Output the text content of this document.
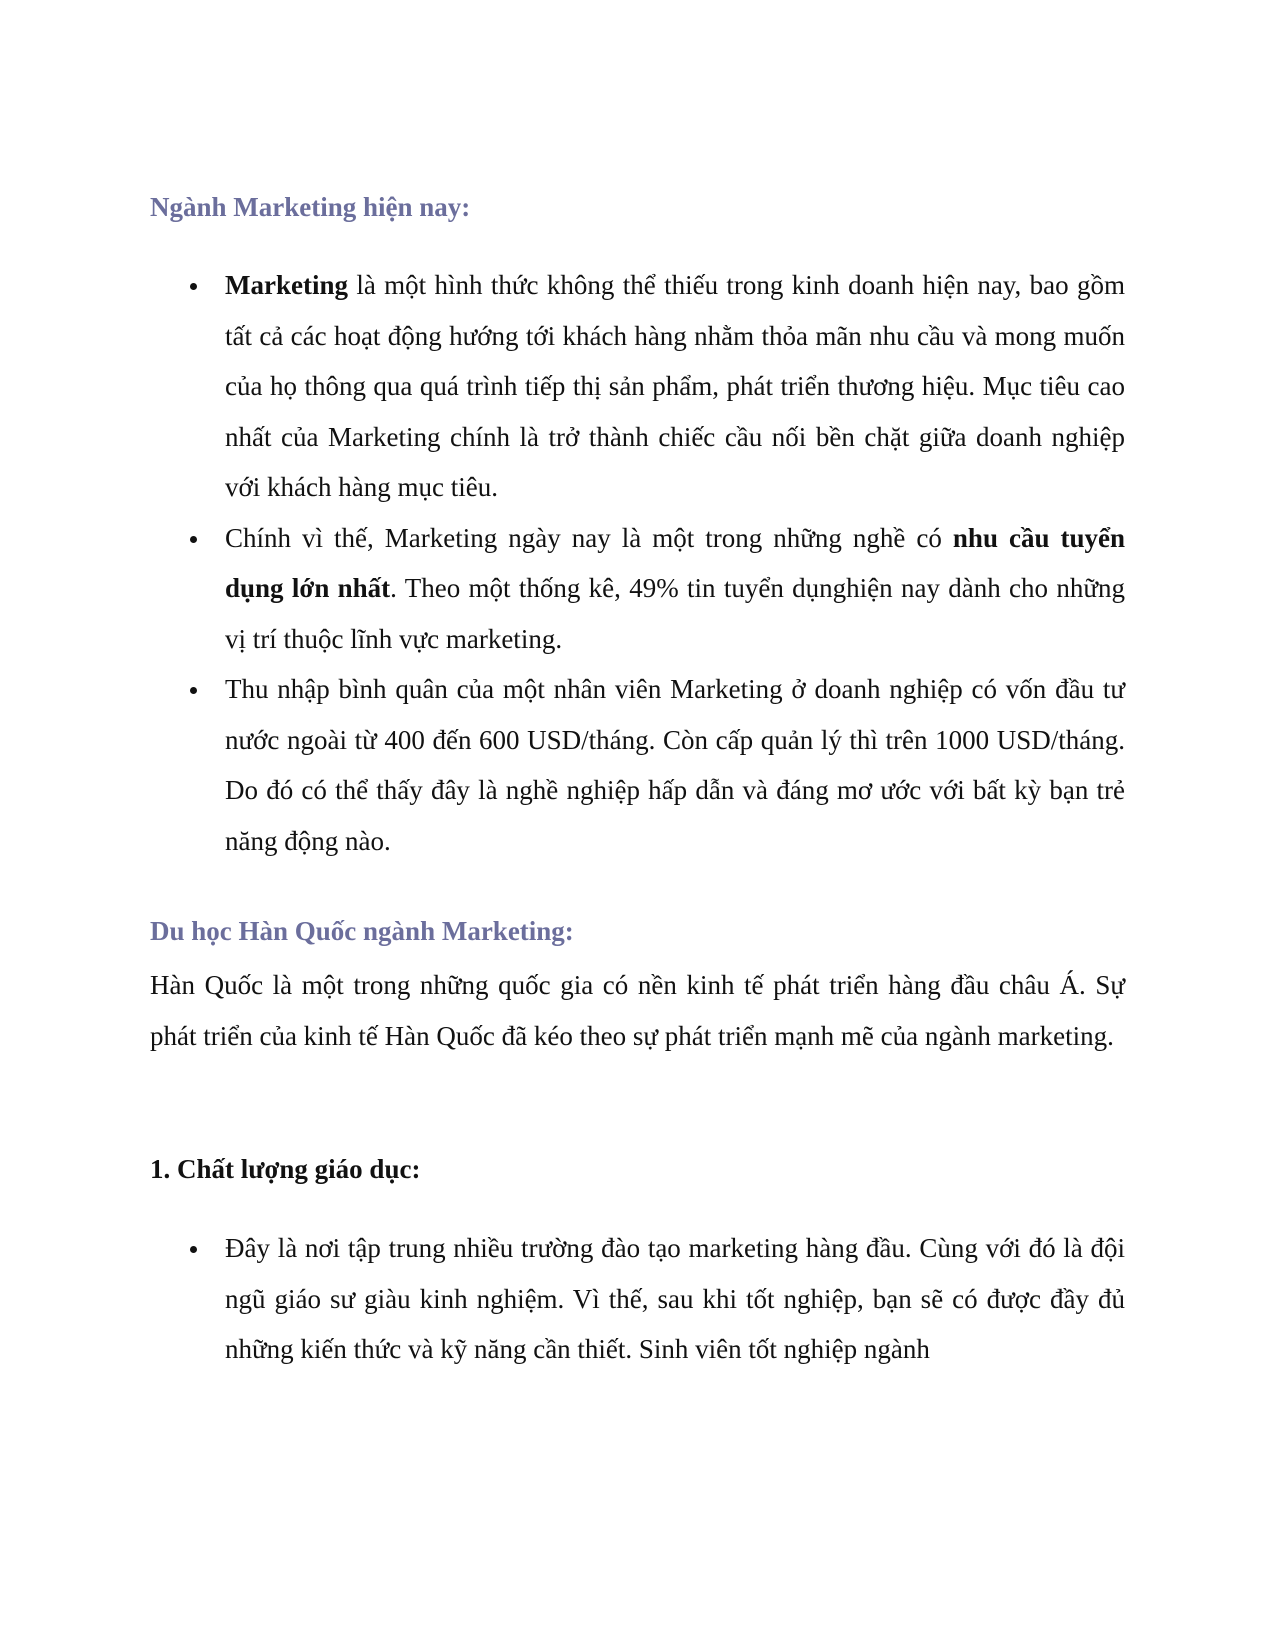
Ngành Marketing hiện nay:
Marketing là một hình thức không thể thiếu trong kinh doanh hiện nay, bao gồm tất cả các hoạt động hướng tới khách hàng nhằm thỏa mãn nhu cầu và mong muốn của họ thông qua quá trình tiếp thị sản phẩm, phát triển thương hiệu. Mục tiêu cao nhất của Marketing chính là trở thành chiếc cầu nối bền chặt giữa doanh nghiệp với khách hàng mục tiêu.
Chính vì thế, Marketing ngày nay là một trong những nghề có nhu cầu tuyển dụng lớn nhất. Theo một thống kê, 49% tin tuyển dụnghiện nay dành cho những vị trí thuộc lĩnh vực marketing.
Thu nhập bình quân của một nhân viên Marketing ở doanh nghiệp có vốn đầu tư nước ngoài từ 400 đến 600 USD/tháng. Còn cấp quản lý thì trên 1000 USD/tháng. Do đó có thể thấy đây là nghề nghiệp hấp dẫn và đáng mơ ước với bất kỳ bạn trẻ năng động nào.
Du học Hàn Quốc ngành Marketing:

Hàn Quốc là một trong những quốc gia có nền kinh tế phát triển hàng đầu châu Á. Sự phát triển của kinh tế Hàn Quốc đã kéo theo sự phát triển mạnh mẽ của ngành marketing.

1. Chất lượng giáo dục:
Đây là nơi tập trung nhiều trường đào tạo marketing hàng đầu. Cùng với đó là đội ngũ giáo sư giàu kinh nghiệm. Vì thế, sau khi tốt nghiệp, bạn sẽ có được đầy đủ những kiến thức và kỹ năng cần thiết. Sinh viên tốt nghiệp ngành
